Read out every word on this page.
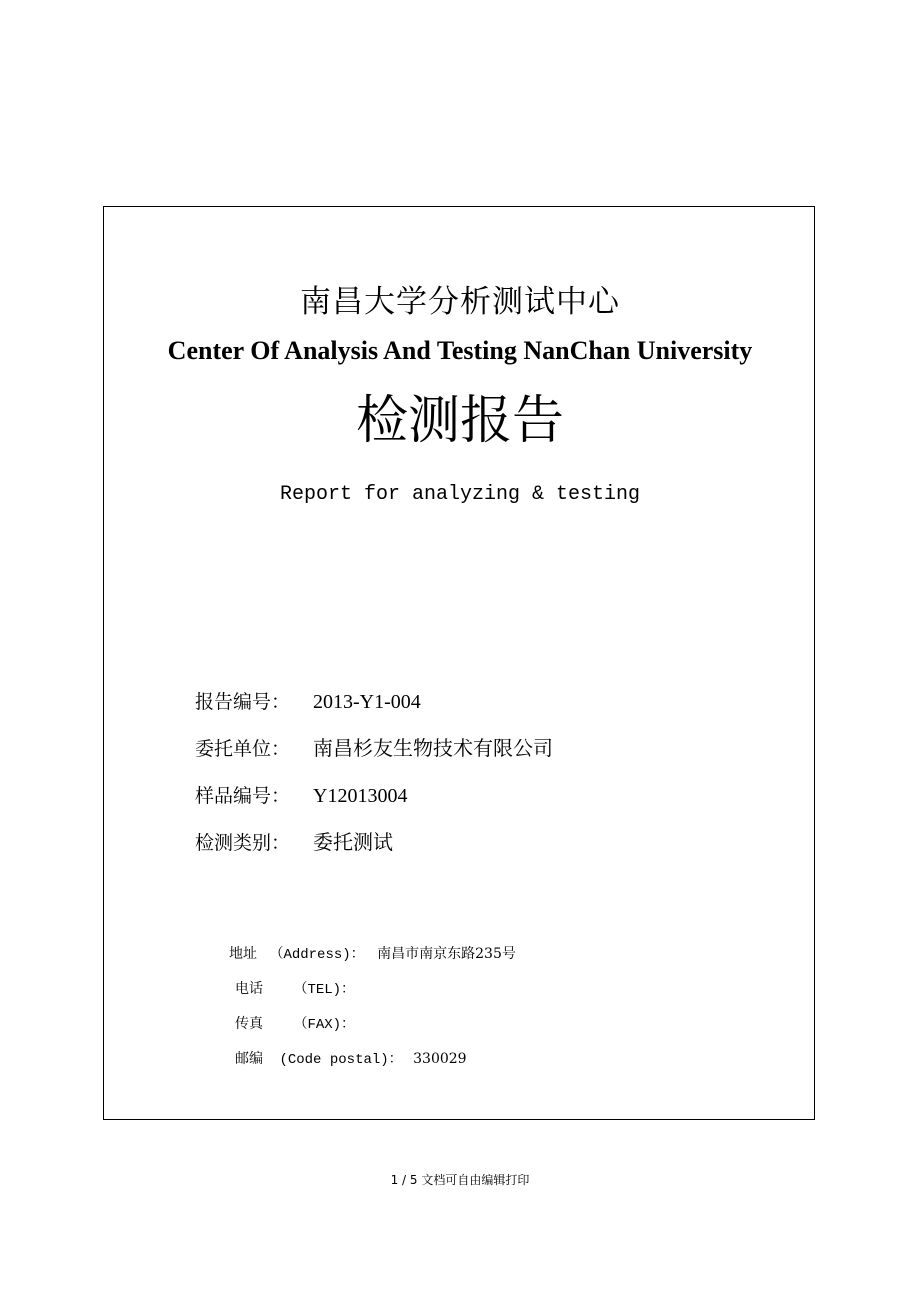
南昌大学分析测试中心
Center Of Analysis And Testing NanChan University
检测报告
Report for analyzing & testing
报告编号： 2013-Y1-004
委托单位： 南昌杉友生物技术有限公司
样品编号： Y12013004
检测类别： 委托测试
地址 （Address)： 南昌市南京东路235号
电话 （TEL)：
传真 （FAX)：
邮编 (Code postal)： 330029
1 / 5 文档可自由编辑打印
